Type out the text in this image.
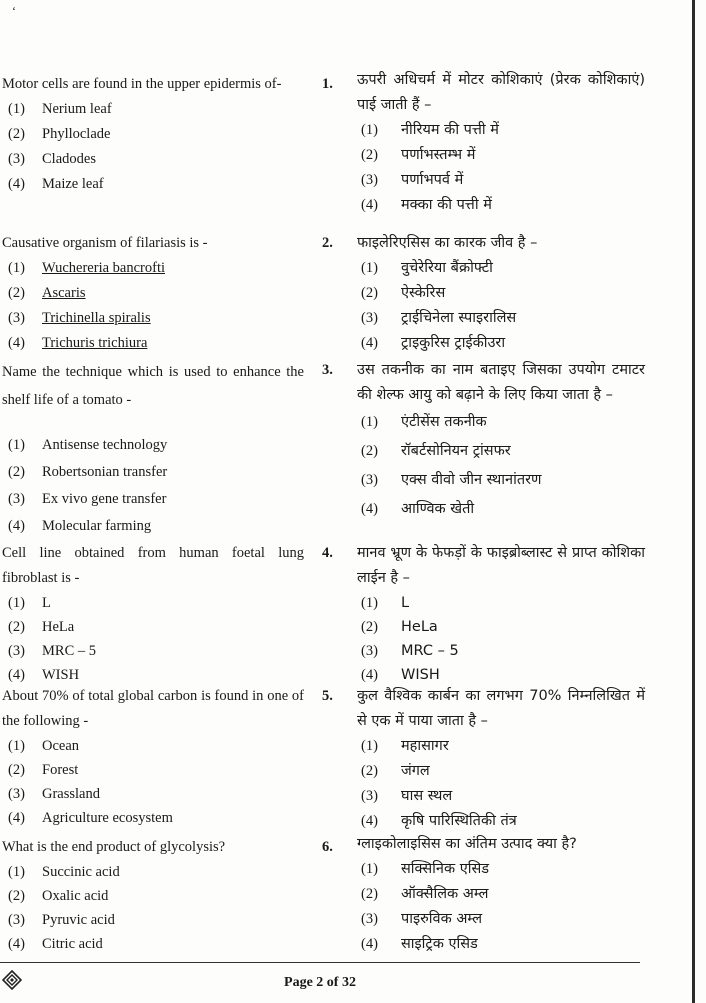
‘
Motor cells are found in the upper epidermis of-
(1)	Nerium leaf
(2)	Phylloclade
(3)	Cladodes
(4)	Maize leaf
1.	ऊपरी अधिचर्म में मोटर कोशिकाएं (प्रेरक कोशिकाएं) पाई जाती हैं –
(1)	नीरियम की पत्ती में
(2)	पर्णाभस्तम्भ में
(3)	पर्णाभपर्व में
(4)	मक्का की पत्ती में
Causative organism of filariasis is -
(1)	Wuchereria bancrofti
(2)	Ascaris
(3)	Trichinella spiralis
(4)	Trichuris trichiura
2.	फाइलेरिएसिस का कारक जीव है –
(1)	वुचेरेरिया बैंक्रोफ्टी
(2)	ऐस्केरिस
(3)	ट्राईचिनेला स्पाइरालिस
(4)	ट्राइकुरिस ट्राईकीउरा
Name the technique which is used to enhance the shelf life of a tomato -
(1)	Antisense technology
(2)	Robertsonian transfer
(3)	Ex vivo gene transfer
(4)	Molecular farming
3.	उस तकनीक का नाम बताइए जिसका उपयोग टमाटर की शेल्फ आयु को बढ़ाने के लिए किया जाता है –
(1)	एंटीसेंस तकनीक
(2)	रॉबर्टसोनियन ट्रांसफर
(3)	एक्स वीवो जीन स्थानांतरण
(4)	आण्विक खेती
Cell line obtained from human foetal lung fibroblast is -
(1)	L
(2)	HeLa
(3)	MRC – 5
(4)	WISH
4.	मानव भ्रूण के फेफड़ों के फाइब्रोब्लास्ट से प्राप्त कोशिका लाईन है –
(1)	L
(2)	HeLa
(3)	MRC – 5
(4)	WISH
About 70% of total global carbon is found in one of the following -
(1)	Ocean
(2)	Forest
(3)	Grassland
(4)	Agriculture ecosystem
5.	कुल वैश्विक कार्बन का लगभग 70% निम्नलिखित में से एक में पाया जाता है –
(1)	महासागर
(2)	जंगल
(3)	घास स्थल
(4)	कृषि पारिस्थितिकी तंत्र
What is the end product of glycolysis?
(1)	Succinic acid
(2)	Oxalic acid
(3)	Pyruvic acid
(4)	Citric acid
6.	ग्लाइकोलाइसिस का अंतिम उत्पाद क्या है?
(1)	सक्सिनिक एसिड
(2)	ऑक्सैलिक अम्ल
(3)	पाइरुविक अम्ल
(4)	साइट्रिक एसिड
Page 2 of 32
